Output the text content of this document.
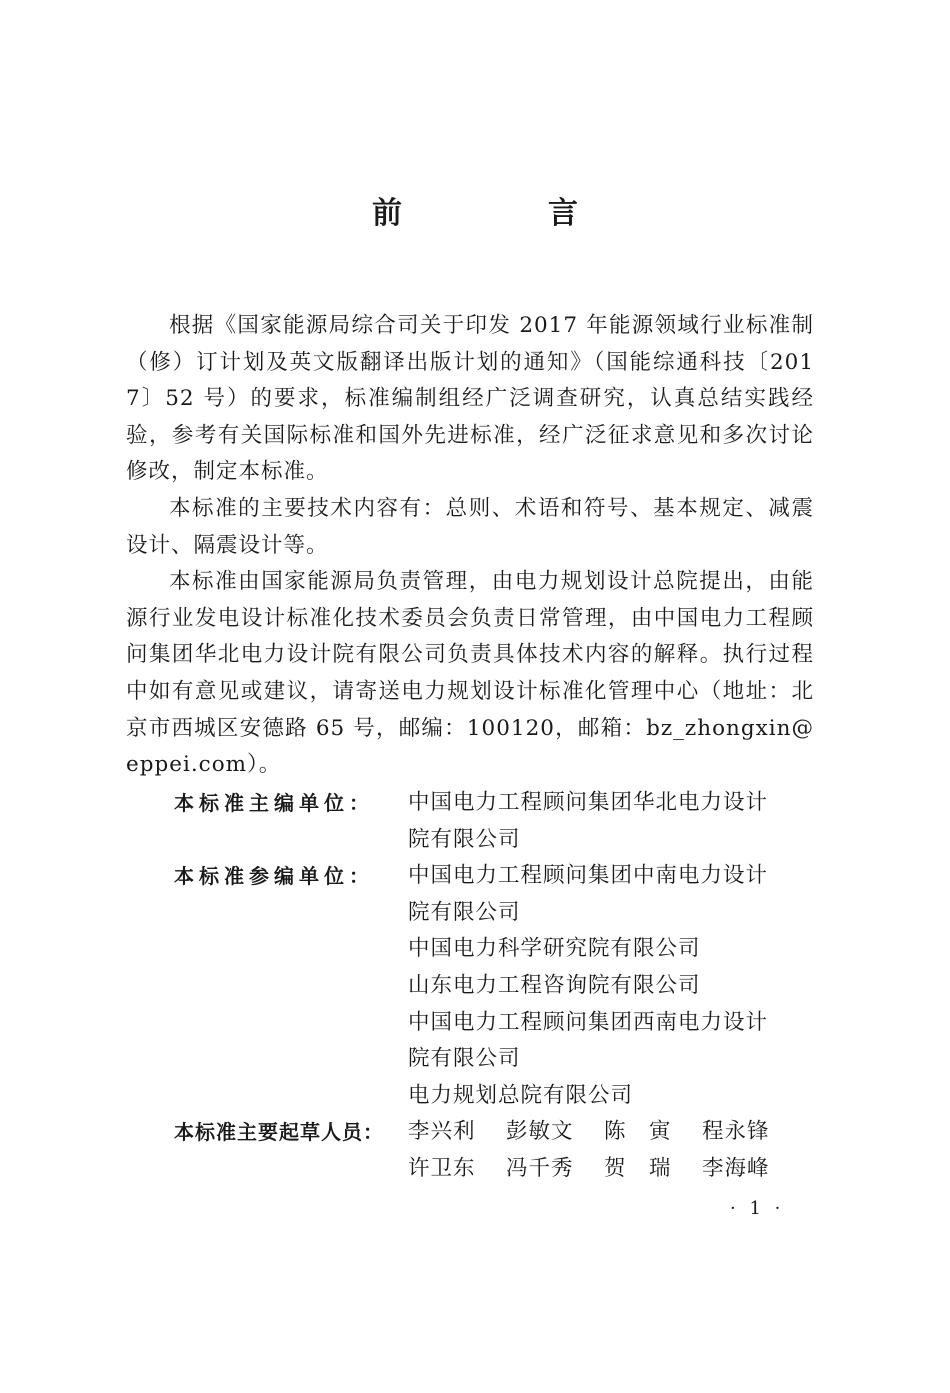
前　言

根据《国家能源局综合司关于印发 2017 年能源领域行业标准制（修）订计划及英文版翻译出版计划的通知》（国能综通科技〔2017〕52 号）的要求，标准编制组经广泛调查研究，认真总结实践经验，参考有关国际标准和国外先进标准，经广泛征求意见和多次讨论修改，制定本标准。

本标准的主要技术内容有：总则、术语和符号、基本规定、减震设计、隔震设计等。

本标准由国家能源局负责管理，由电力规划设计总院提出，由能源行业发电设计标准化技术委员会负责日常管理，由中国电力工程顾问集团华北电力设计院有限公司负责具体技术内容的解释。执行过程中如有意见或建议，请寄送电力规划设计标准化管理中心（地址：北京市西城区安德路 65 号，邮编：100120，邮箱：bz_zhongxin@eppei.com）。

本标准主编单位：	中国电力工程顾问集团华北电力设计
院有限公司
本标准参编单位：	中国电力工程顾问集团中南电力设计
院有限公司
中国电力科学研究院有限公司
山东电力工程咨询院有限公司
中国电力工程顾问集团西南电力设计
院有限公司
电力规划总院有限公司
本标准主要起草人员：	李兴利 彭敏文 陈　寅 程永锋
许卫东 冯千秀 贺　瑞 李海峰
· 1 ·
